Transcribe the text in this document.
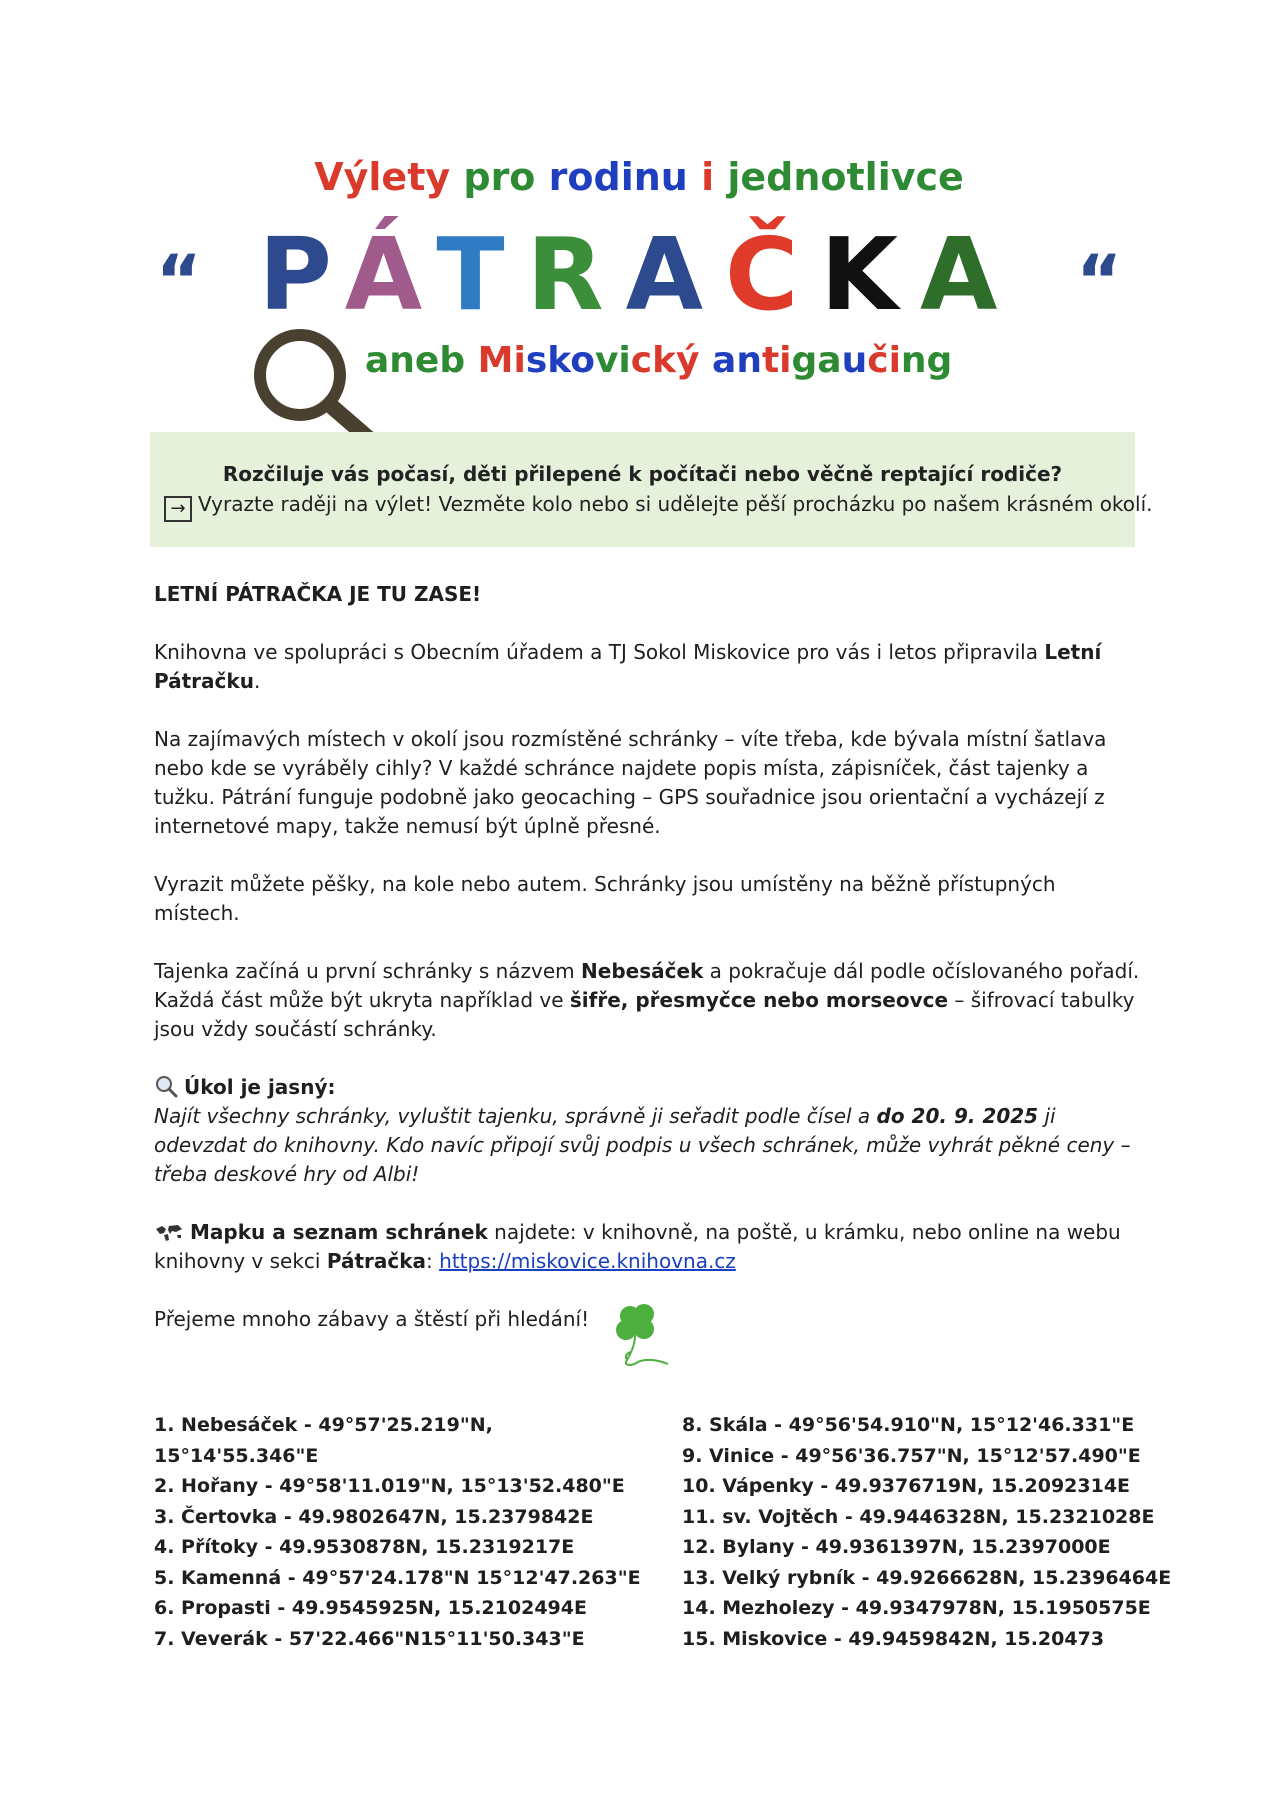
Výlety pro rodinu i jednotlivce
“ PÁTRAČKA “
aneb Miskovický antigaučing
Rozčiluje vás počasí, děti přilepené k počítači nebo věčně reptající rodiče?
→ Vyrazte raději na výlet! Vezměte kolo nebo si udělejte pěší procházku po našem krásném okolí.

LETNÍ PÁTRAČKA JE TU ZASE!

Knihovna ve spolupráci s Obecním úřadem a TJ Sokol Miskovice pro vás i letos připravila Letní Pátračku.

Na zajímavých místech v okolí jsou rozmístěné schránky – víte třeba, kde bývala místní šatlava nebo kde se vyráběly cihly? V každé schránce najdete popis místa, zápisníček, část tajenky a tužku. Pátrání funguje podobně jako geocaching – GPS souřadnice jsou orientační a vycházejí z internetové mapy, takže nemusí být úplně přesné.

Vyrazit můžete pěšky, na kole nebo autem. Schránky jsou umístěny na běžně přístupných místech.

Tajenka začíná u první schránky s názvem Nebesáček a pokračuje dál podle očíslovaného pořadí. Každá část může být ukryta například ve šifře, přesmyčce nebo morseovce – šifrovací tabulky jsou vždy součástí schránky.

Úkol je jasný:

Najít všechny schránky, vyluštit tajenku, správně ji seřadit podle čísel a do 20. 9. 2025 ji odevzdat do knihovny. Kdo navíc připojí svůj podpis u všech schránek, může vyhrát pěkné ceny – třeba deskové hry od Albi!

Mapku a seznam schránek najdete: v knihovně, na poště, u krámku, nebo online na webu knihovny v sekci Pátračka: https://miskovice.knihovna.cz

Přejeme mnoho zábavy a štěstí při hledání!

1. Nebesáček - 49°57'25.219"N, 15°14'55.346"E
2. Hořany - 49°58'11.019"N, 15°13'52.480"E
3. Čertovka - 49.9802647N, 15.2379842E
4. Přítoky - 49.9530878N, 15.2319217E
5. Kamenná - 49°57'24.178"N 15°12'47.263"E
6. Propasti - 49.9545925N, 15.2102494E
7. Veverák - 57'22.466"N15°11'50.343"E
8. Skála - 49°56'54.910"N, 15°12'46.331"E
9. Vinice - 49°56'36.757"N, 15°12'57.490"E
10. Vápenky - 49.9376719N, 15.2092314E
11. sv. Vojtěch - 49.9446328N, 15.2321028E
12. Bylany - 49.9361397N, 15.2397000E
13. Velký rybník - 49.9266628N, 15.2396464E
14. Mezholezy - 49.9347978N, 15.1950575E
15. Miskovice - 49.9459842N, 15.20473
